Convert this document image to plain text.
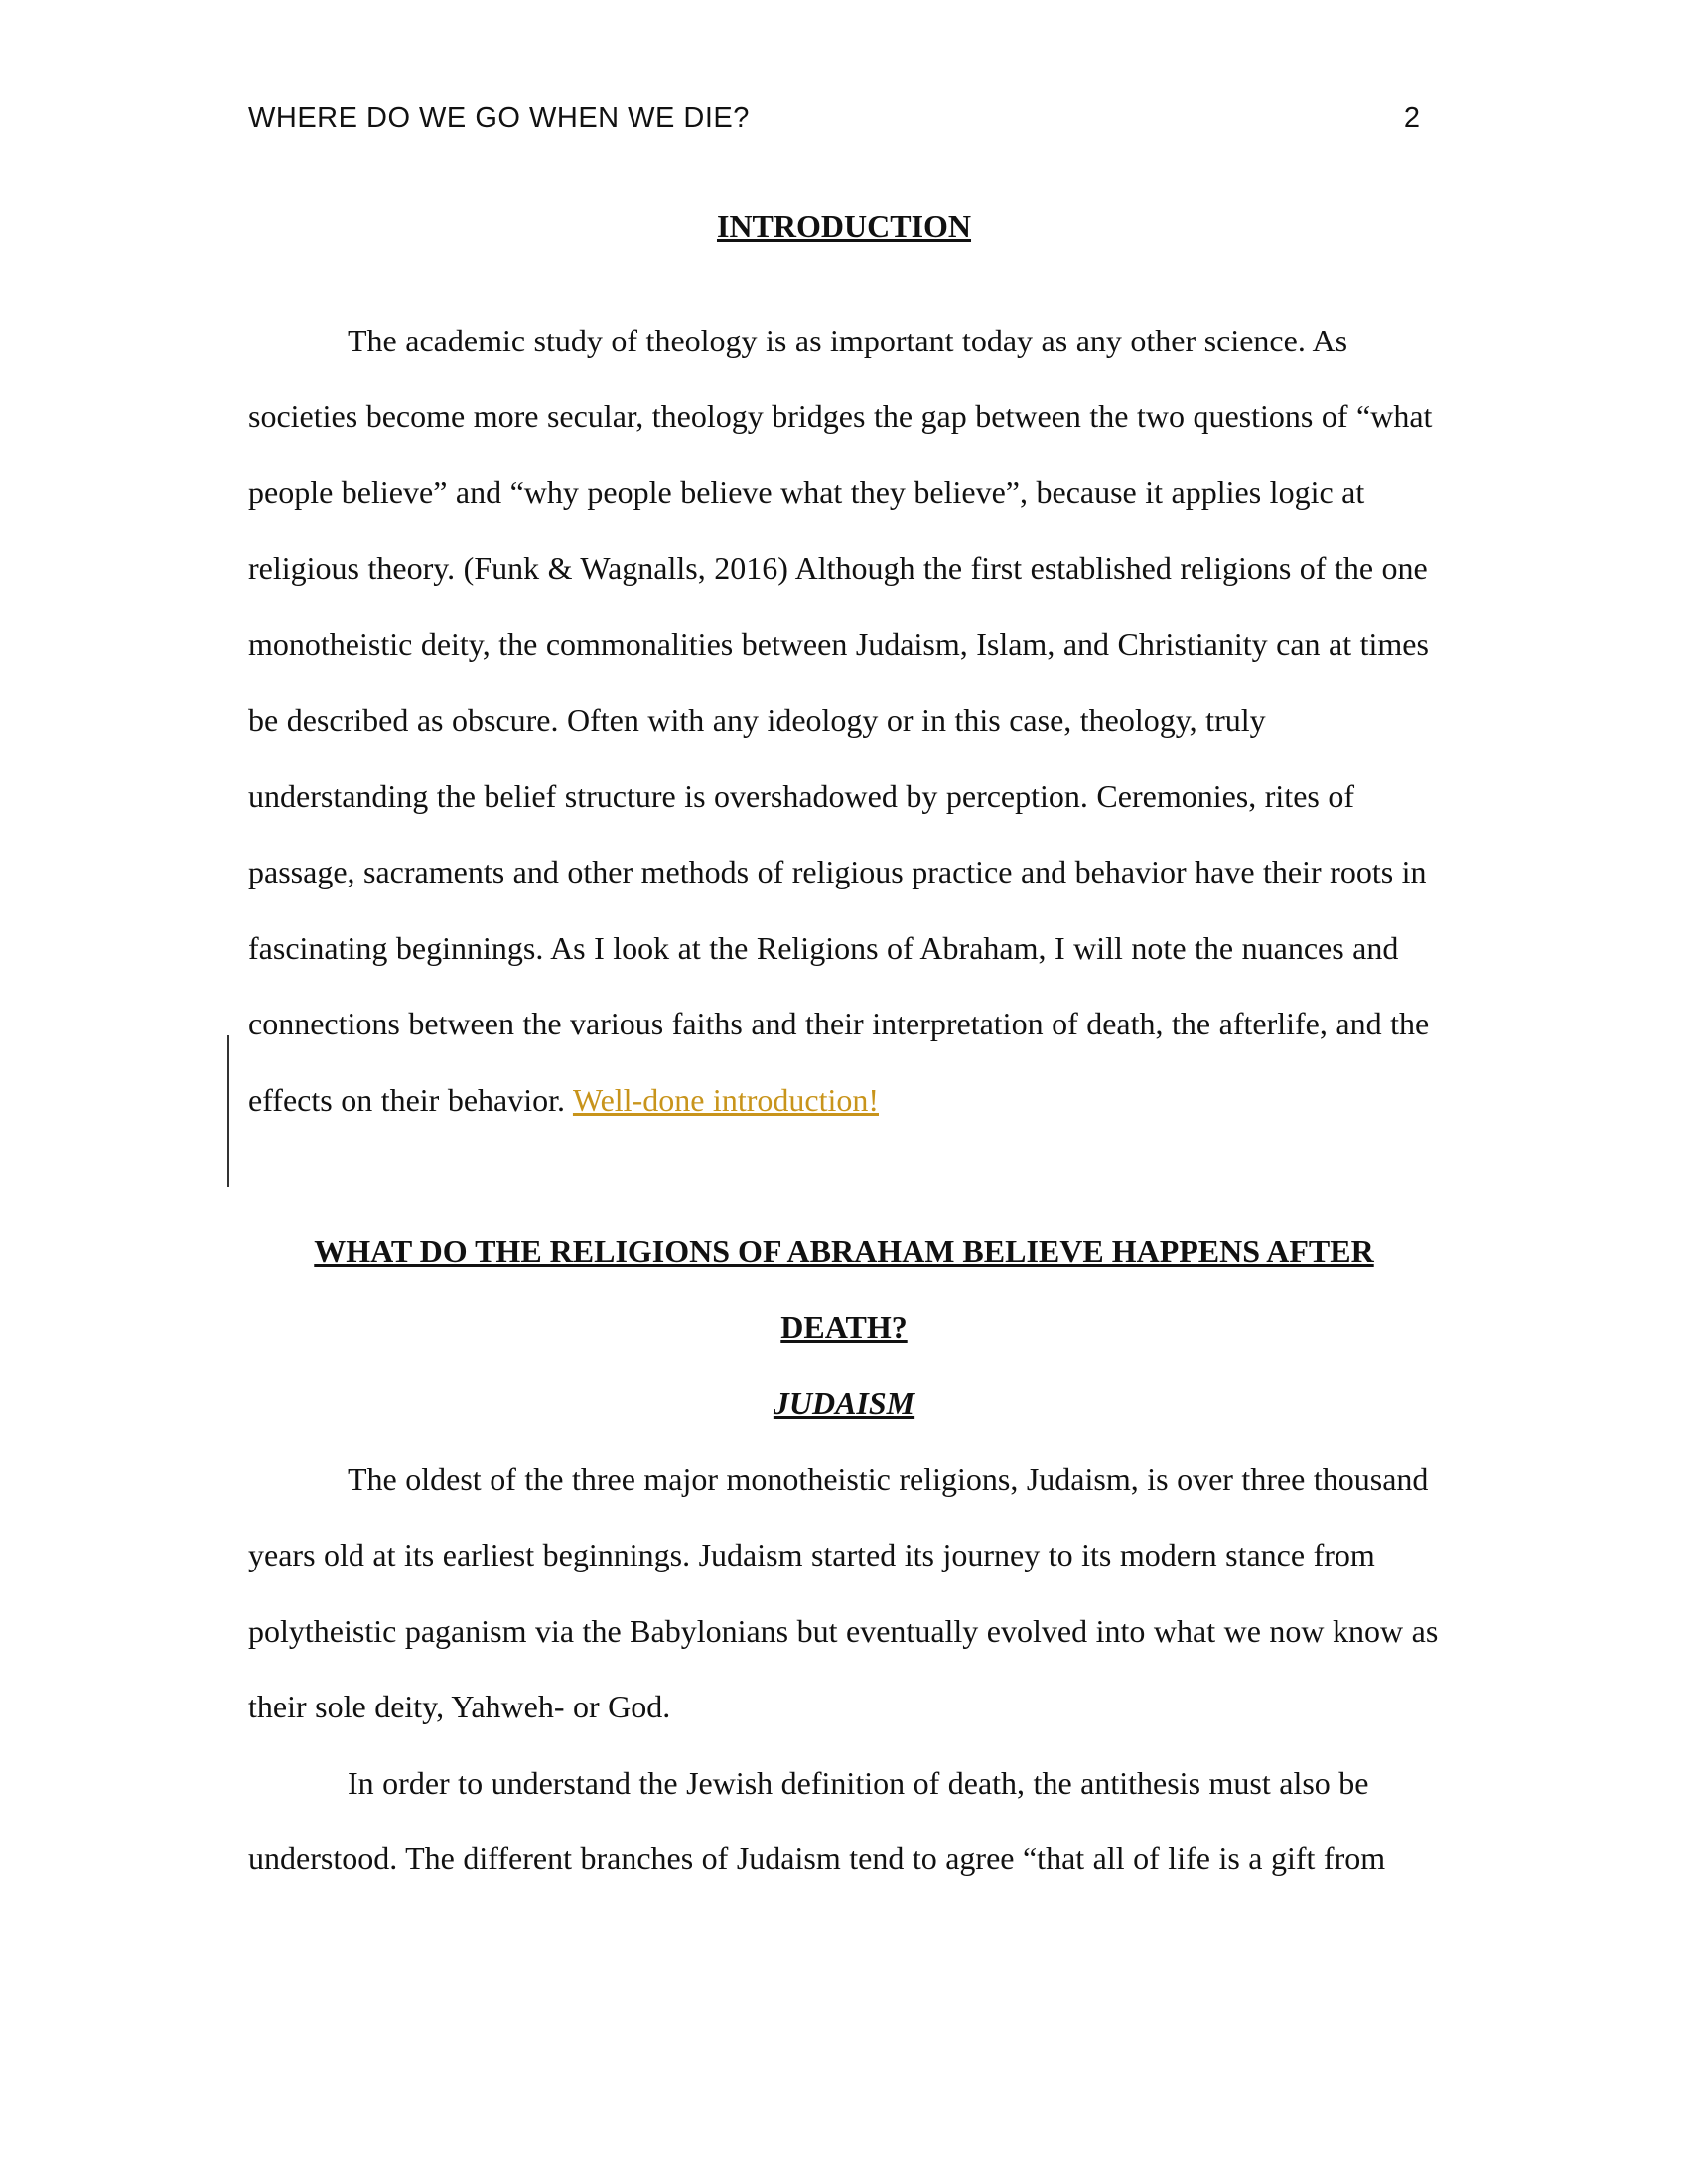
WHERE DO WE GO WHEN WE DIE?	2
INTRODUCTION

The academic study of theology is as important today as any other science. As societies become more secular, theology bridges the gap between the two questions of “what people believe” and “why people believe what they believe”, because it applies logic at religious theory. (Funk & Wagnalls, 2016) Although the first established religions of the one monotheistic deity, the commonalities between Judaism, Islam, and Christianity can at times be described as obscure. Often with any ideology or in this case, theology, truly understanding the belief structure is overshadowed by perception. Ceremonies, rites of passage, sacraments and other methods of religious practice and behavior have their roots in fascinating beginnings. As I look at the Religions of Abraham, I will note the nuances and connections between the various faiths and their interpretation of death, the afterlife, and the effects on their behavior. Well-done introduction!

WHAT DO THE RELIGIONS OF ABRAHAM BELIEVE HAPPENS AFTER DEATH?
JUDAISM

The oldest of the three major monotheistic religions, Judaism, is over three thousand years old at its earliest beginnings. Judaism started its journey to its modern stance from polytheistic paganism via the Babylonians but eventually evolved into what we now know as their sole deity, Yahweh- or God.

In order to understand the Jewish definition of death, the antithesis must also be understood. The different branches of Judaism tend to agree “that all of life is a gift from
